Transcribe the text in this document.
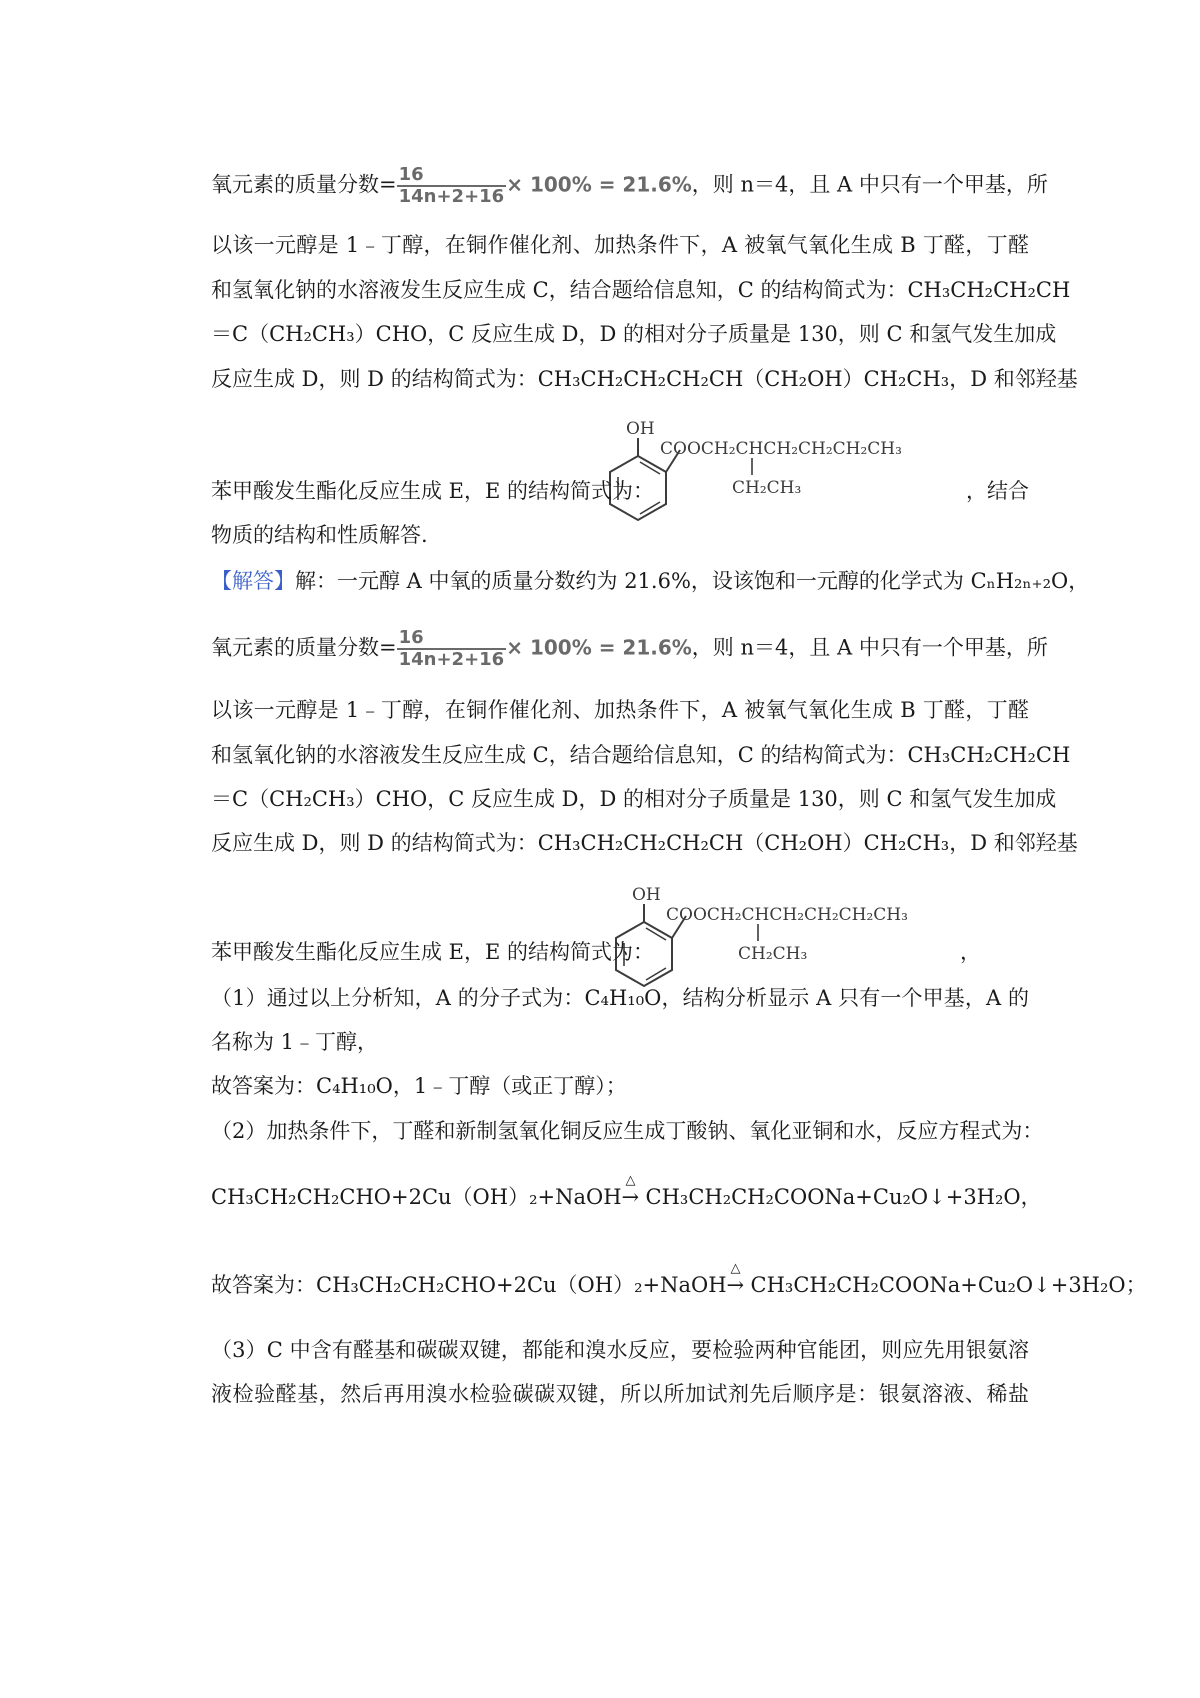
氧元素的质量分数= $\frac{16}{14n+2+16} \times 100\% = 21.6\%$，则 n＝4，且 A 中只有一个甲基，所
以该一元醇是 1﹣丁醇，在铜作催化剂、加热条件下，A 被氧气氧化生成 B 丁醛，丁醛
和氢氧化钠的水溶液发生反应生成 C，结合题给信息知，C 的结构简式为：CH₃CH₂CH₂CH
＝C（CH₂CH₃）CHO，C 反应生成 D，D 的相对分子质量是 130，则 C 和氢气发生加成
反应生成 D，则 D 的结构简式为：CH₃CH₂CH₂CH₂CH（CH₂OH）CH₂CH₃，D 和邻羟基
OH
COOCH₂CHCH₂CH₂CH₂CH₃
CH₂CH₃
苯甲酸发生酯化反应生成 E，E 的结构简式为：	，结合
物质的结构和性质解答.
【解答】解：一元醇 A 中氧的质量分数约为 21.6%，设该饱和一元醇的化学式为 CₙH₂ₙ₊₂O，
氧元素的质量分数= $\frac{16}{14n+2+16} \times 100\% = 21.6\%$，则 n＝4，且 A 中只有一个甲基，所
以该一元醇是 1﹣丁醇，在铜作催化剂、加热条件下，A 被氧气氧化生成 B 丁醛，丁醛
和氢氧化钠的水溶液发生反应生成 C，结合题给信息知，C 的结构简式为：CH₃CH₂CH₂CH
＝C（CH₂CH₃）CHO，C 反应生成 D，D 的相对分子质量是 130，则 C 和氢气发生加成
反应生成 D，则 D 的结构简式为：CH₃CH₂CH₂CH₂CH（CH₂OH）CH₂CH₃，D 和邻羟基
OH
COOCH₂CHCH₂CH₂CH₂CH₃
CH₂CH₃
苯甲酸发生酯化反应生成 E，E 的结构简式为：	，
（1）通过以上分析知，A 的分子式为：C₄H₁₀O，结构分析显示 A 只有一个甲基，A 的
名称为 1﹣丁醇，
故答案为：C₄H₁₀O，1﹣丁醇（或正丁醇）；
（2）加热条件下，丁醛和新制氢氧化铜反应生成丁酸钠、氧化亚铜和水，反应方程式为：
CH₃CH₂CH₂CHO+2Cu（OH）₂+NaOH
△
→ CH₃CH₂CH₂COONa+Cu₂O↓+3H₂O，
故答案为：CH₃CH₂CH₂CHO+2Cu（OH）₂+NaOH
△
→ CH₃CH₂CH₂COONa+Cu₂O↓+3H₂O；
（3）C 中含有醛基和碳碳双键，都能和溴水反应，要检验两种官能团，则应先用银氨溶
液检验醛基，然后再用溴水检验碳碳双键，所以所加试剂先后顺序是：银氨溶液、稀盐
